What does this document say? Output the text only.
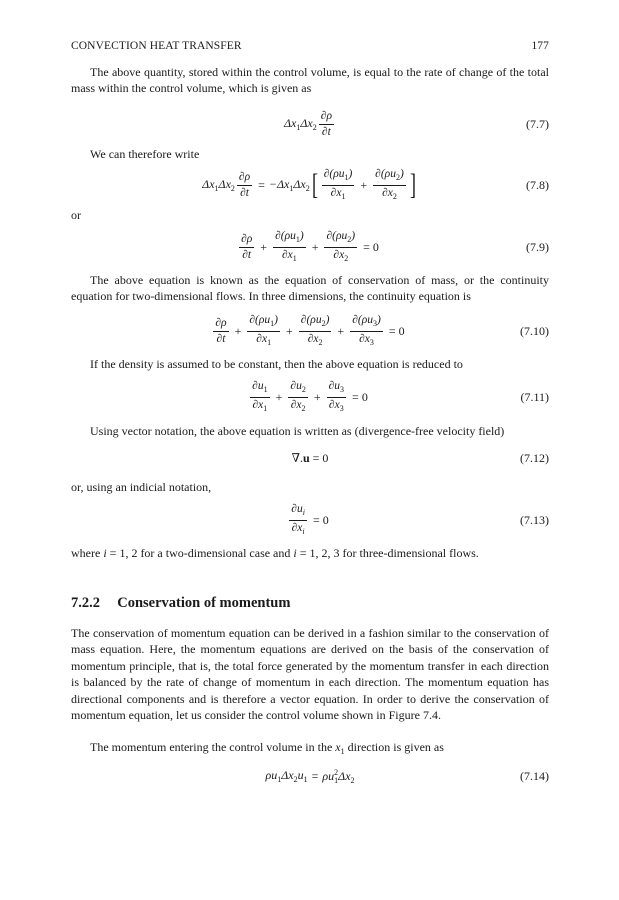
CONVECTION HEAT TRANSFER	177
The above quantity, stored within the control volume, is equal to the rate of change of the total mass within the control volume, which is given as
$\Delta x_1\Delta x_2 \frac{\partial\rho}{\partial t}$	(7.7)
We can therefore write
$\Delta x_1\Delta x_2 \frac{\partial\rho}{\partial t} = -\Delta x_1\Delta x_2$ [ $\frac{\partial(\rho u_1)}{\partial x_1} + \frac{\partial(\rho u_2)}{\partial x_2}$ ]	(7.8)
or
$\frac{\partial\rho}{\partial t} + \frac{\partial(\rho u_1)}{\partial x_1} + \frac{\partial(\rho u_2)}{\partial x_2} = 0$	(7.9)
The above equation is known as the equation of conservation of mass, or the continuity equation for two-dimensional flows. In three dimensions, the continuity equation is
$\frac{\partial\rho}{\partial t} + \frac{\partial(\rho u_1)}{\partial x_1} + \frac{\partial(\rho u_2)}{\partial x_2} + \frac{\partial(\rho u_3)}{\partial x_3} = 0$	(7.10)
If the density is assumed to be constant, then the above equation is reduced to
$\frac{\partial u_1}{\partial x_1} + \frac{\partial u_2}{\partial x_2} + \frac{\partial u_3}{\partial x_3} = 0$	(7.11)
Using vector notation, the above equation is written as (divergence-free velocity field)
∇.u = 0	(7.12)
or, using an indicial notation,
$\frac{\partial u_i}{\partial x_i} = 0$	(7.13)
where i = 1, 2 for a two-dimensional case and i = 1, 2, 3 for three-dimensional flows.
7.2.2 Conservation of momentum
The conservation of momentum equation can be derived in a fashion similar to the conservation of mass equation. Here, the momentum equations are derived on the basis of the conservation of momentum principle, that is, the total force generated by the momentum transfer in each direction is balanced by the rate of change of momentum in each direction. The momentum equation has directional components and is therefore a vector equation. In order to derive the conservation of momentum equation, let us consider the control volume shown in Figure 7.4.
The momentum entering the control volume in the $x_1$ direction is given as
$\rho u_1\Delta x_2u_1 = \rho u^2_1\Delta x_2$	(7.14)
